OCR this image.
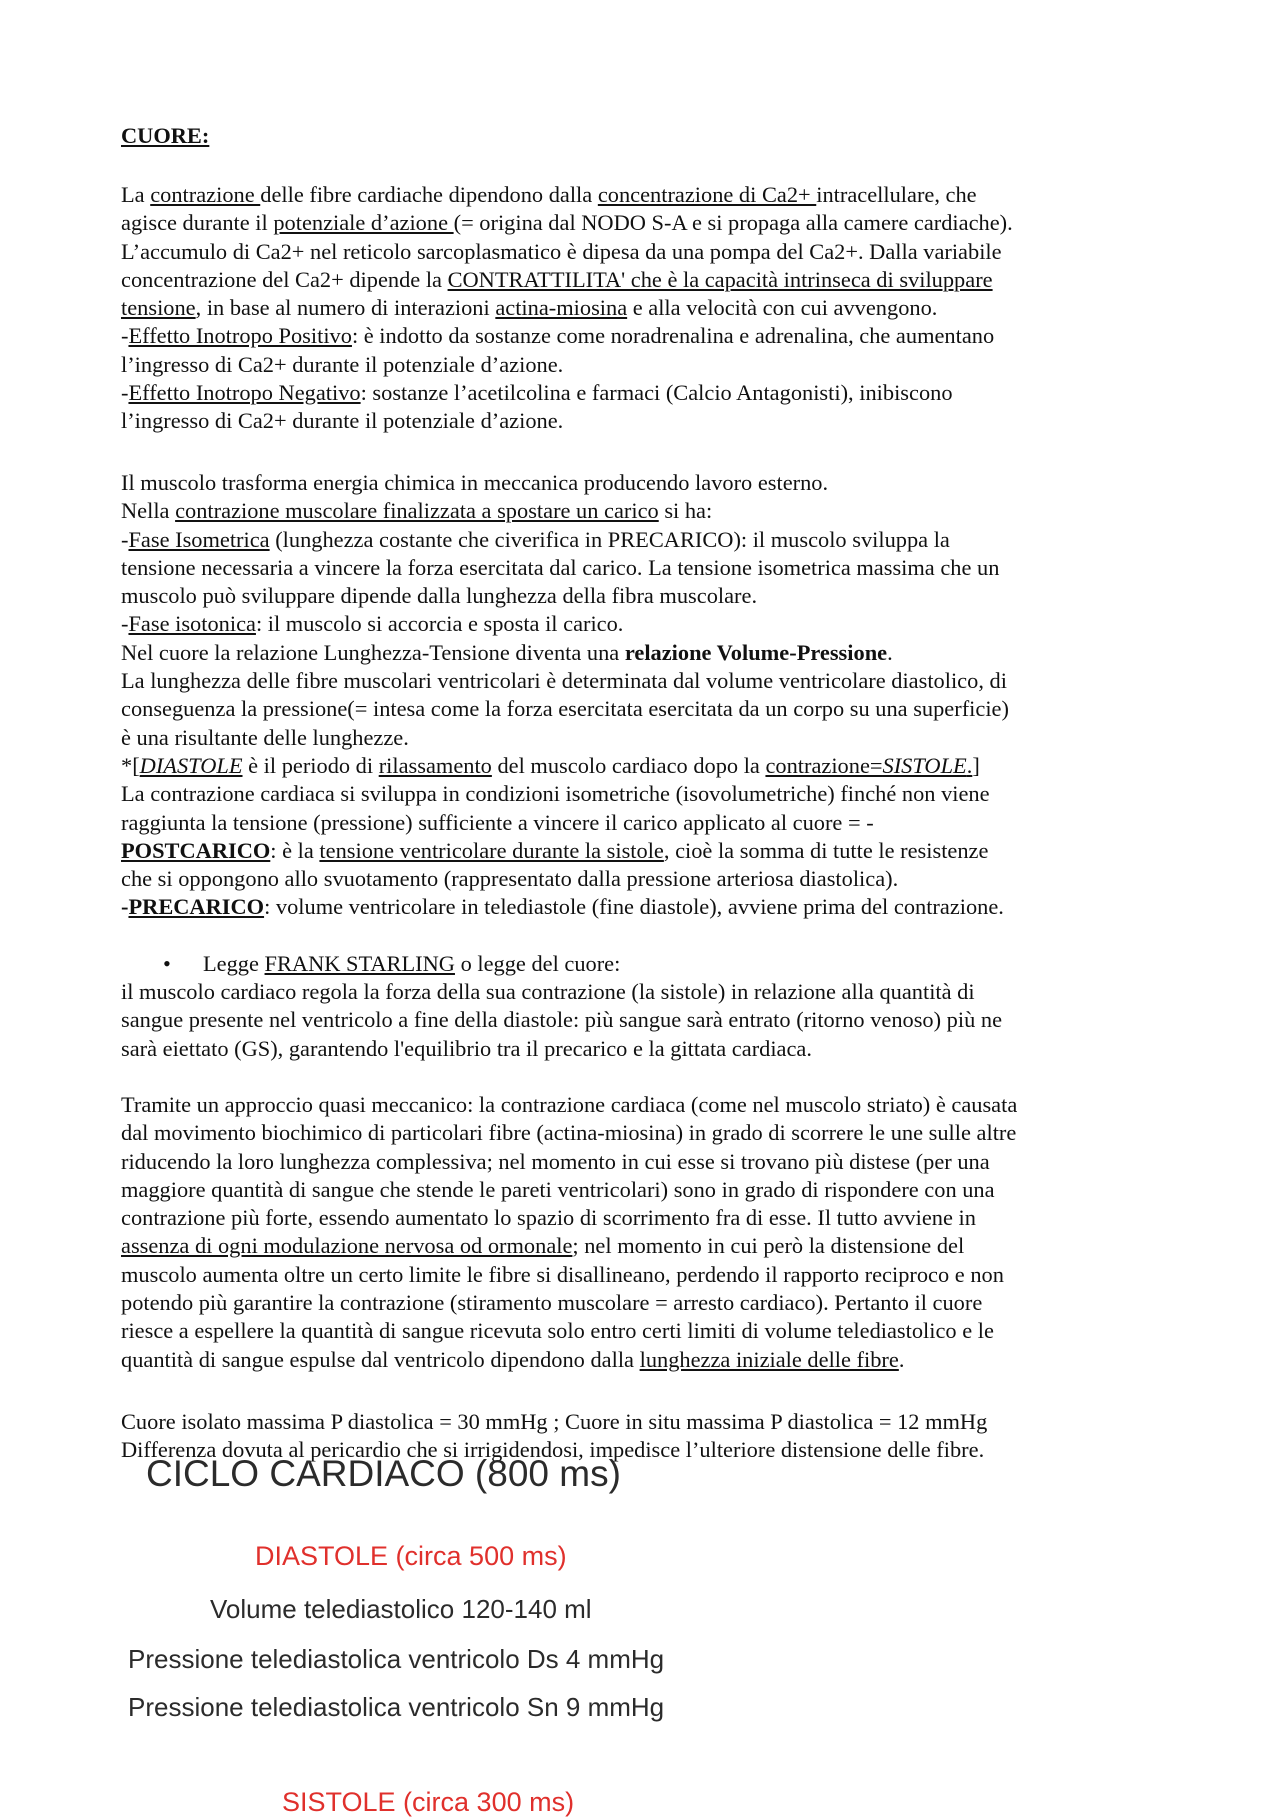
CUORE:
La contrazione delle fibre cardiache dipendono dalla concentrazione di Ca2+ intracellulare, che
agisce durante il potenziale d’azione (= origina dal NODO S-A e si propaga alla camere cardiache).
L’accumulo di Ca2+ nel reticolo sarcoplasmatico è dipesa da una pompa del Ca2+. Dalla variabile
concentrazione del Ca2+ dipende la CONTRATTILITA' che è la capacità intrinseca di sviluppare
tensione, in base al numero di interazioni actina-miosina e alla velocità con cui avvengono.
-Effetto Inotropo Positivo: è indotto da sostanze come noradrenalina e adrenalina, che aumentano
l’ingresso di Ca2+ durante il potenziale d’azione.
-Effetto Inotropo Negativo: sostanze l’acetilcolina e farmaci (Calcio Antagonisti), inibiscono
l’ingresso di Ca2+ durante il potenziale d’azione.
Il muscolo trasforma energia chimica in meccanica producendo lavoro esterno.
Nella contrazione muscolare finalizzata a spostare un carico si ha:
-Fase Isometrica (lunghezza costante che civerifica in PRECARICO): il muscolo sviluppa la
tensione necessaria a vincere la forza esercitata dal carico. La tensione isometrica massima che un
muscolo può sviluppare dipende dalla lunghezza della fibra muscolare.
-Fase isotonica: il muscolo si accorcia e sposta il carico.
Nel cuore la relazione Lunghezza-Tensione diventa una relazione Volume-Pressione.
La lunghezza delle fibre muscolari ventricolari è determinata dal volume ventricolare diastolico, di
conseguenza la pressione(= intesa come la forza esercitata esercitata da un corpo su una superficie)
è una risultante delle lunghezze.
*[DIASTOLE è il periodo di rilassamento del muscolo cardiaco dopo la contrazione=SISTOLE.]
La contrazione cardiaca si sviluppa in condizioni isometriche (isovolumetriche) finché non viene
raggiunta la tensione (pressione) sufficiente a vincere il carico applicato al cuore = -
POSTCARICO: è la tensione ventricolare durante la sistole, cioè la somma di tutte le resistenze
che si oppongono allo svuotamento (rappresentato dalla pressione arteriosa diastolica).
-PRECARICO: volume ventricolare in telediastole (fine diastole), avviene prima del contrazione.
• Legge FRANK STARLING o legge del cuore:
il muscolo cardiaco regola la forza della sua contrazione (la sistole) in relazione alla quantità di
sangue presente nel ventricolo a fine della diastole: più sangue sarà entrato (ritorno venoso) più ne
sarà eiettato (GS), garantendo l'equilibrio tra il precarico e la gittata cardiaca.
Tramite un approccio quasi meccanico: la contrazione cardiaca (come nel muscolo striato) è causata
dal movimento biochimico di particolari fibre (actina-miosina) in grado di scorrere le une sulle altre
riducendo la loro lunghezza complessiva; nel momento in cui esse si trovano più distese (per una
maggiore quantità di sangue che stende le pareti ventricolari) sono in grado di rispondere con una
contrazione più forte, essendo aumentato lo spazio di scorrimento fra di esse. Il tutto avviene in
assenza di ogni modulazione nervosa od ormonale; nel momento in cui però la distensione del
muscolo aumenta oltre un certo limite le fibre si disallineano, perdendo il rapporto reciproco e non
potendo più garantire la contrazione (stiramento muscolare = arresto cardiaco). Pertanto il cuore
riesce a espellere la quantità di sangue ricevuta solo entro certi limiti di volume telediastolico e le
quantità di sangue espulse dal ventricolo dipendono dalla lunghezza iniziale delle fibre.
Cuore isolato massima P diastolica = 30 mmHg ; Cuore in situ massima P diastolica = 12 mmHg
Differenza dovuta al pericardio che si irrigidendosi, impedisce l’ulteriore distensione delle fibre.
CICLO CARDIACO (800 ms)
DIASTOLE (circa 500 ms)
Volume telediastolico 120-140 ml
Pressione telediastolica ventricolo Ds 4 mmHg
Pressione telediastolica ventricolo Sn 9 mmHg
SISTOLE (circa 300 ms)
